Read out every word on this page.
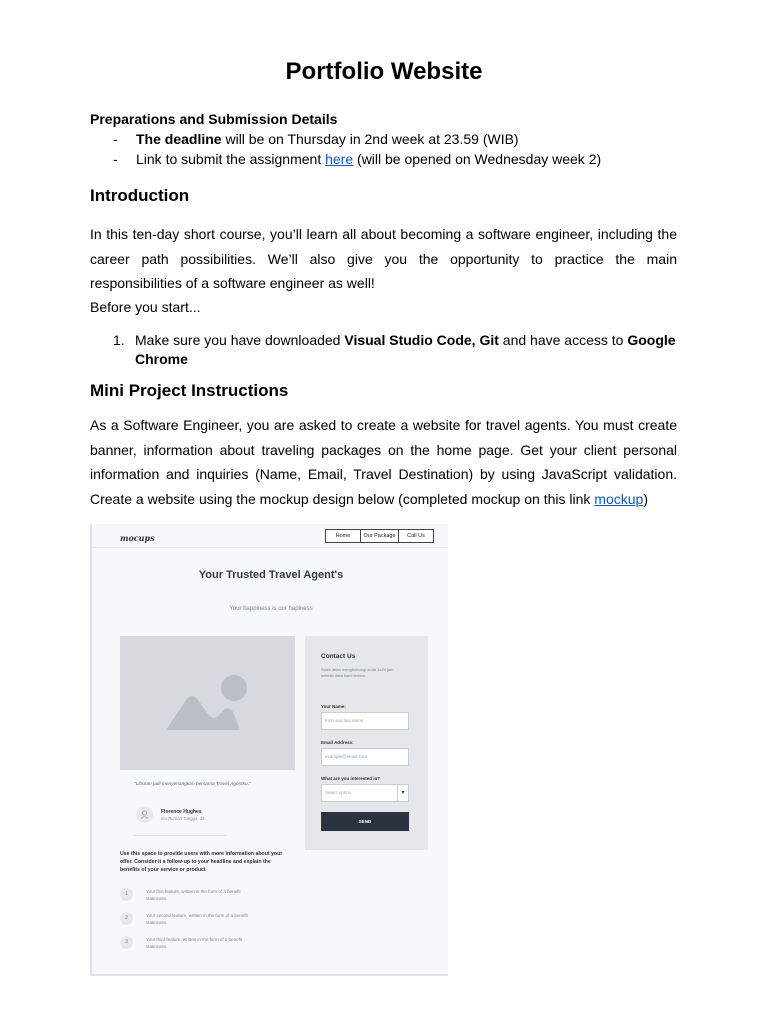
Portfolio Website
Preparations and Submission Details
- The deadline will be on Thursday in 2nd week at 23.59 (WIB)
- Link to submit the assignment here (will be opened on Wednesday week 2)
Introduction
In this ten-day short course, you’ll learn all about becoming a software engineer, including the career path possibilities. We’ll also give you the opportunity to practice the main responsibilities of a software engineer as well!
Before you start...
1. Make sure you have downloaded Visual Studio Code, Git and have access to Google Chrome
Mini Project Instructions
As a Software Engineer, you are asked to create a website for travel agents. You must create banner, information about traveling packages on the home page. Get your client personal information and inquiries (Name, Email, Travel Destination) by using JavaScript validation. Create a website using the mockup design below (completed mockup on this link mockup)
mocups	Home	Our Package	Call Us
Your Trusted Travel Agent's
Your happiness is our hapiness
"Liburan jadi menyenangkan bersama Travel Agentku."
Florence Hughes
Ibu Rumah Tangga, 34
Use this space to provide users with more information about your offer. Consider it a follow-up to your headline and explain the benefits of your service or product
1	Your first feature, written in the form of a benefit statement.
2	Your second feature, written in the form of a benefit statement.
3	Your third feature, written in the form of a benefit statement.
Contact Us
Sales akan menghubungi anda 1x24 jam setelah data kami terima.
Your Name:
First and last name
Email Address:
example@email.com
What are you interested in?
Select option	▾
SEND
